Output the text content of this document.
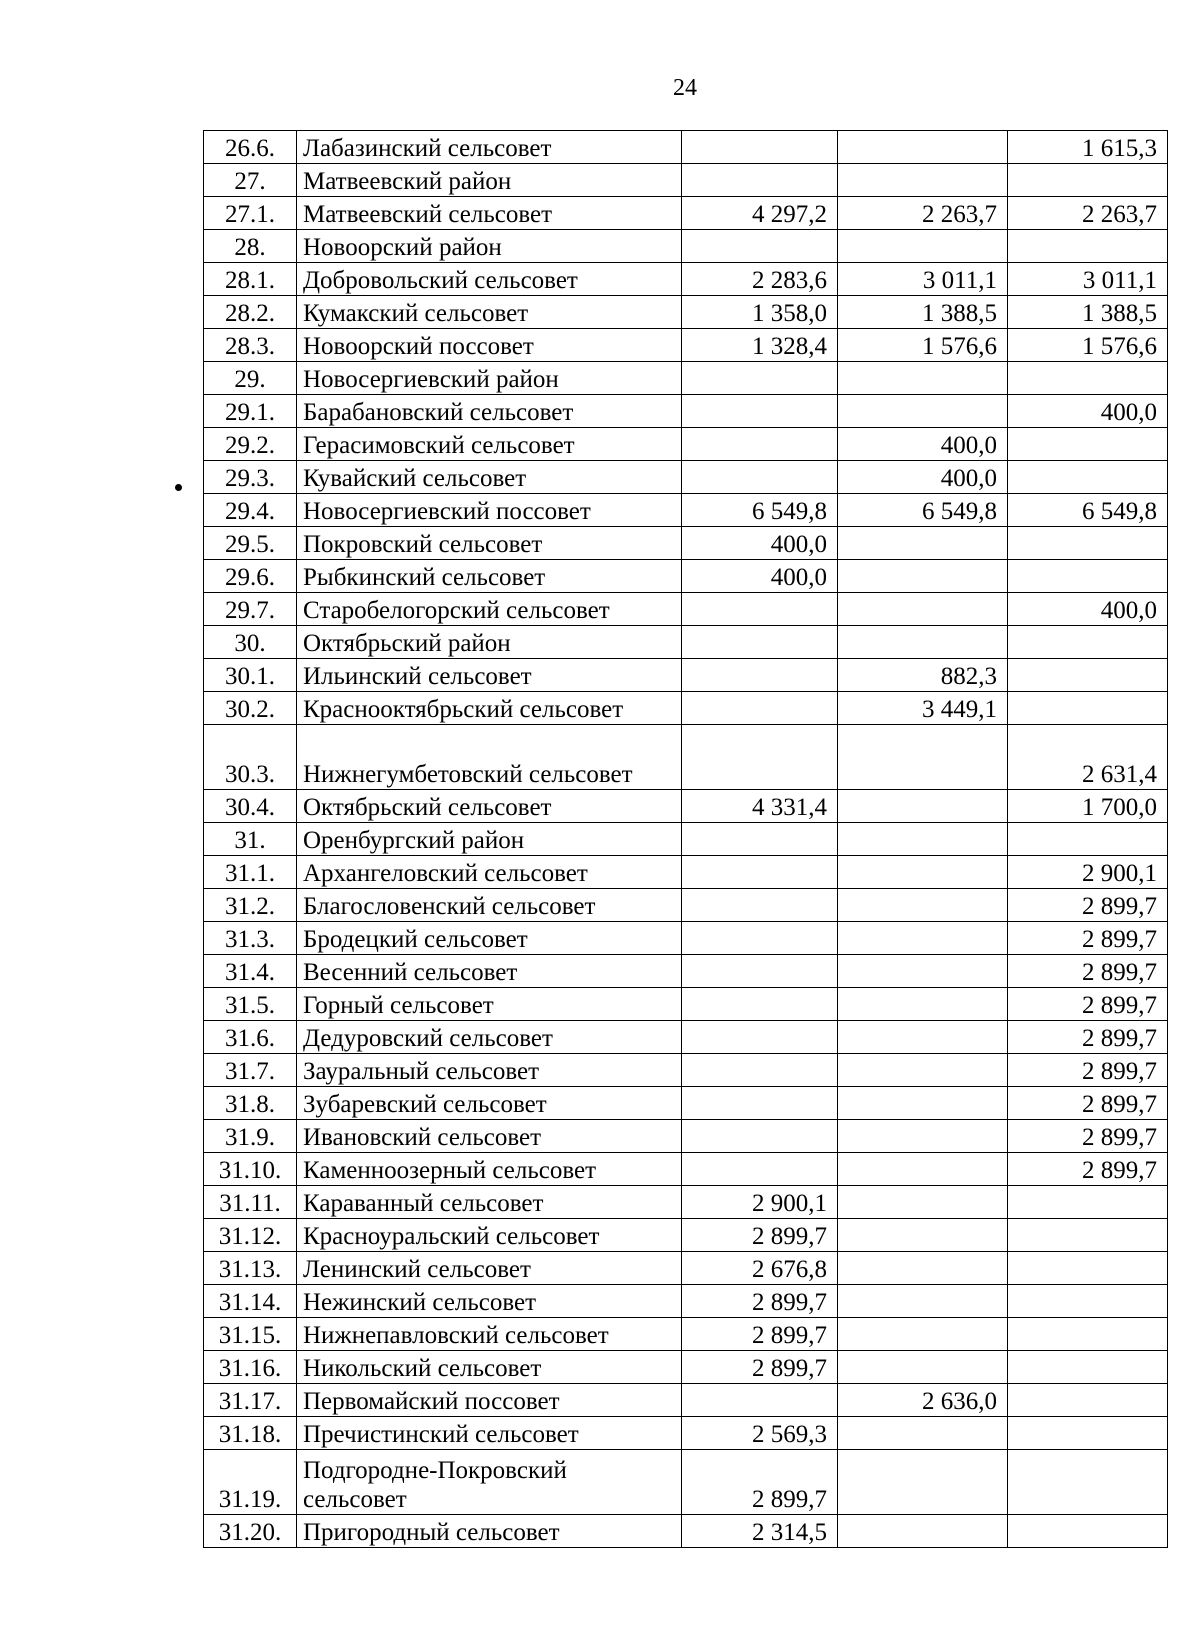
24
26.6.	Лабазинский сельсовет			1 615,3
27.	Матвеевский район			
27.1.	Матвеевский сельсовет	4 297,2	2 263,7	2 263,7
28.	Новоорский район			
28.1.	Добровольский сельсовет	2 283,6	3 011,1	3 011,1
28.2.	Кумакский сельсовет	1 358,0	1 388,5	1 388,5
28.3.	Новоорский поссовет	1 328,4	1 576,6	1 576,6
29.	Новосергиевский район			
29.1.	Барабановский сельсовет			400,0
29.2.	Герасимовский сельсовет		400,0	
29.3.	Кувайский сельсовет		400,0	
29.4.	Новосергиевский поссовет	6 549,8	6 549,8	6 549,8
29.5.	Покровский сельсовет	400,0		
29.6.	Рыбкинский сельсовет	400,0		
29.7.	Старобелогорский сельсовет			400,0
30.	Октябрьский район			
30.1.	Ильинский сельсовет		882,3	
30.2.	Краснооктябрьский сельсовет		3 449,1	
30.3.	Нижнегумбетовский сельсовет			2 631,4
30.4.	Октябрьский сельсовет	4 331,4		1 700,0
31.	Оренбургский район			
31.1.	Архангеловский сельсовет			2 900,1
31.2.	Благословенский сельсовет			2 899,7
31.3.	Бродецкий сельсовет			2 899,7
31.4.	Весенний сельсовет			2 899,7
31.5.	Горный сельсовет			2 899,7
31.6.	Дедуровский сельсовет			2 899,7
31.7.	Зауральный сельсовет			2 899,7
31.8.	Зубаревский сельсовет			2 899,7
31.9.	Ивановский сельсовет			2 899,7
31.10.	Каменноозерный сельсовет			2 899,7
31.11.	Караванный сельсовет	2 900,1		
31.12.	Красноуральский сельсовет	2 899,7		
31.13.	Ленинский сельсовет	2 676,8		
31.14.	Нежинский сельсовет	2 899,7		
31.15.	Нижнепавловский сельсовет	2 899,7		
31.16.	Никольский сельсовет	2 899,7		
31.17.	Первомайский поссовет		2 636,0	
31.18.	Пречистинский сельсовет	2 569,3		
31.19.	Подгородне-Покровский сельсовет	2 899,7		
31.20.	Пригородный сельсовет	2 314,5		
